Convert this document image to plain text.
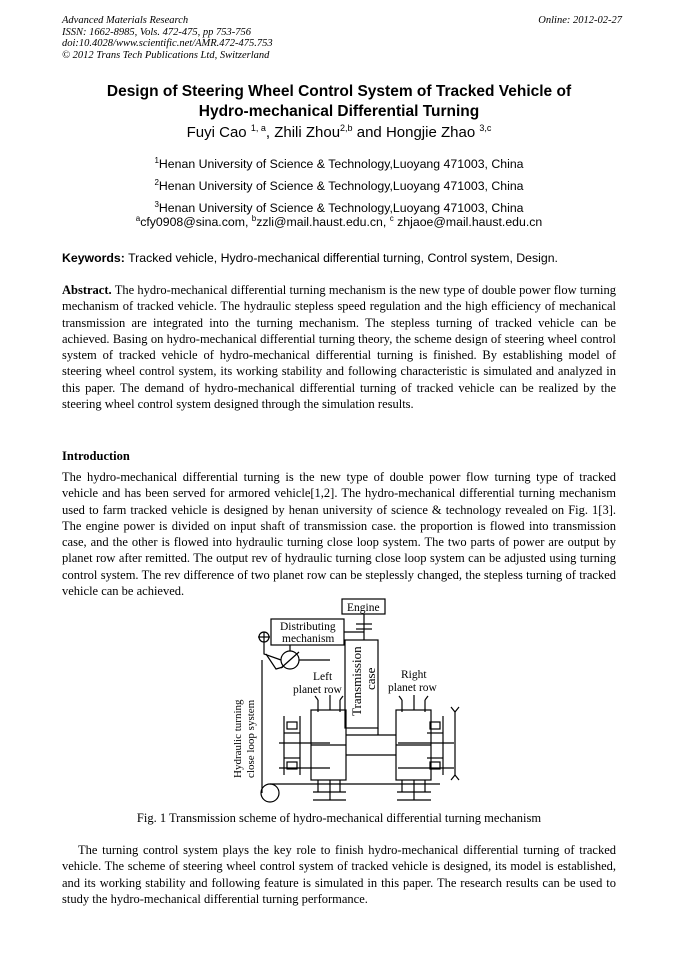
Advanced Materials Research
ISSN: 1662-8985, Vols. 472-475, pp 753-756
doi:10.4028/www.scientific.net/AMR.472-475.753
© 2012 Trans Tech Publications Ltd, Switzerland
Online: 2012-02-27
Design of Steering Wheel Control System of Tracked Vehicle of
Hydro-mechanical Differential Turning
Fuyi Cao $^{1, a}$, Zhili Zhou$^{2,b}$ and Hongjie Zhao $^{3,c}$
$^1$Henan University of Science & Technology,Luoyang 471003, China
$^2$Henan University of Science & Technology,Luoyang 471003, China
$^3$Henan University of Science & Technology,Luoyang 471003, China
$^a$cfy0908@sina.com, $^b$zzli@mail.haust.edu.cn, $^c$ zhjaoe@mail.haust.edu.cn
Keywords: Tracked vehicle, Hydro-mechanical differential turning, Control system, Design.
Abstract. The hydro-mechanical differential turning mechanism is the new type of double power flow turning mechanism of tracked vehicle. The hydraulic stepless speed regulation and the high efficiency of mechanical transmission are integrated into the turning mechanism. The stepless turning of tracked vehicle can be achieved. Basing on hydro-mechanical differential turning theory, the scheme design of steering wheel control system of tracked vehicle of hydro-mechanical differential turning is finished. By establishing model of steering wheel control system, its working stability and following characteristic is simulated and analyzed in this paper. The demand of hydro-mechanical differential turning of tracked vehicle can be realized by the steering wheel control system designed through the simulation results.
Introduction
The hydro-mechanical differential turning is the new type of double power flow turning type of tracked vehicle and has been served for armored vehicle[1,2]. The hydro-mechanical differential turning mechanism used to farm tracked vehicle is designed by henan university of science & technology revealed on Fig. 1[3]. The engine power is divided on input shaft of transmission case. the proportion is flowed into transmission case, and the other is flowed into hydraulic turning close loop system. The two parts of power are output by planet row after remitted. The output rev of hydraulic turning close loop system can be adjusted using turning control system. The rev difference of two planet row can be steplessly changed, the stepless turning of tracked vehicle can be achieved.
Engine
Distributing
mechanism
Left
planet row
Right
planet row
Transmission case
Hydraulic turning close loop system
Fig. 1 Transmission scheme of hydro-mechanical differential turning mechanism
The turning control system plays the key role to finish hydro-mechanical differential turning of tracked vehicle. The scheme of steering wheel control system of tracked vehicle is designed, its model is established, and its working stability and following feature is simulated in this paper. The research results can be used to study the hydro-mechanical differential turning performance.
